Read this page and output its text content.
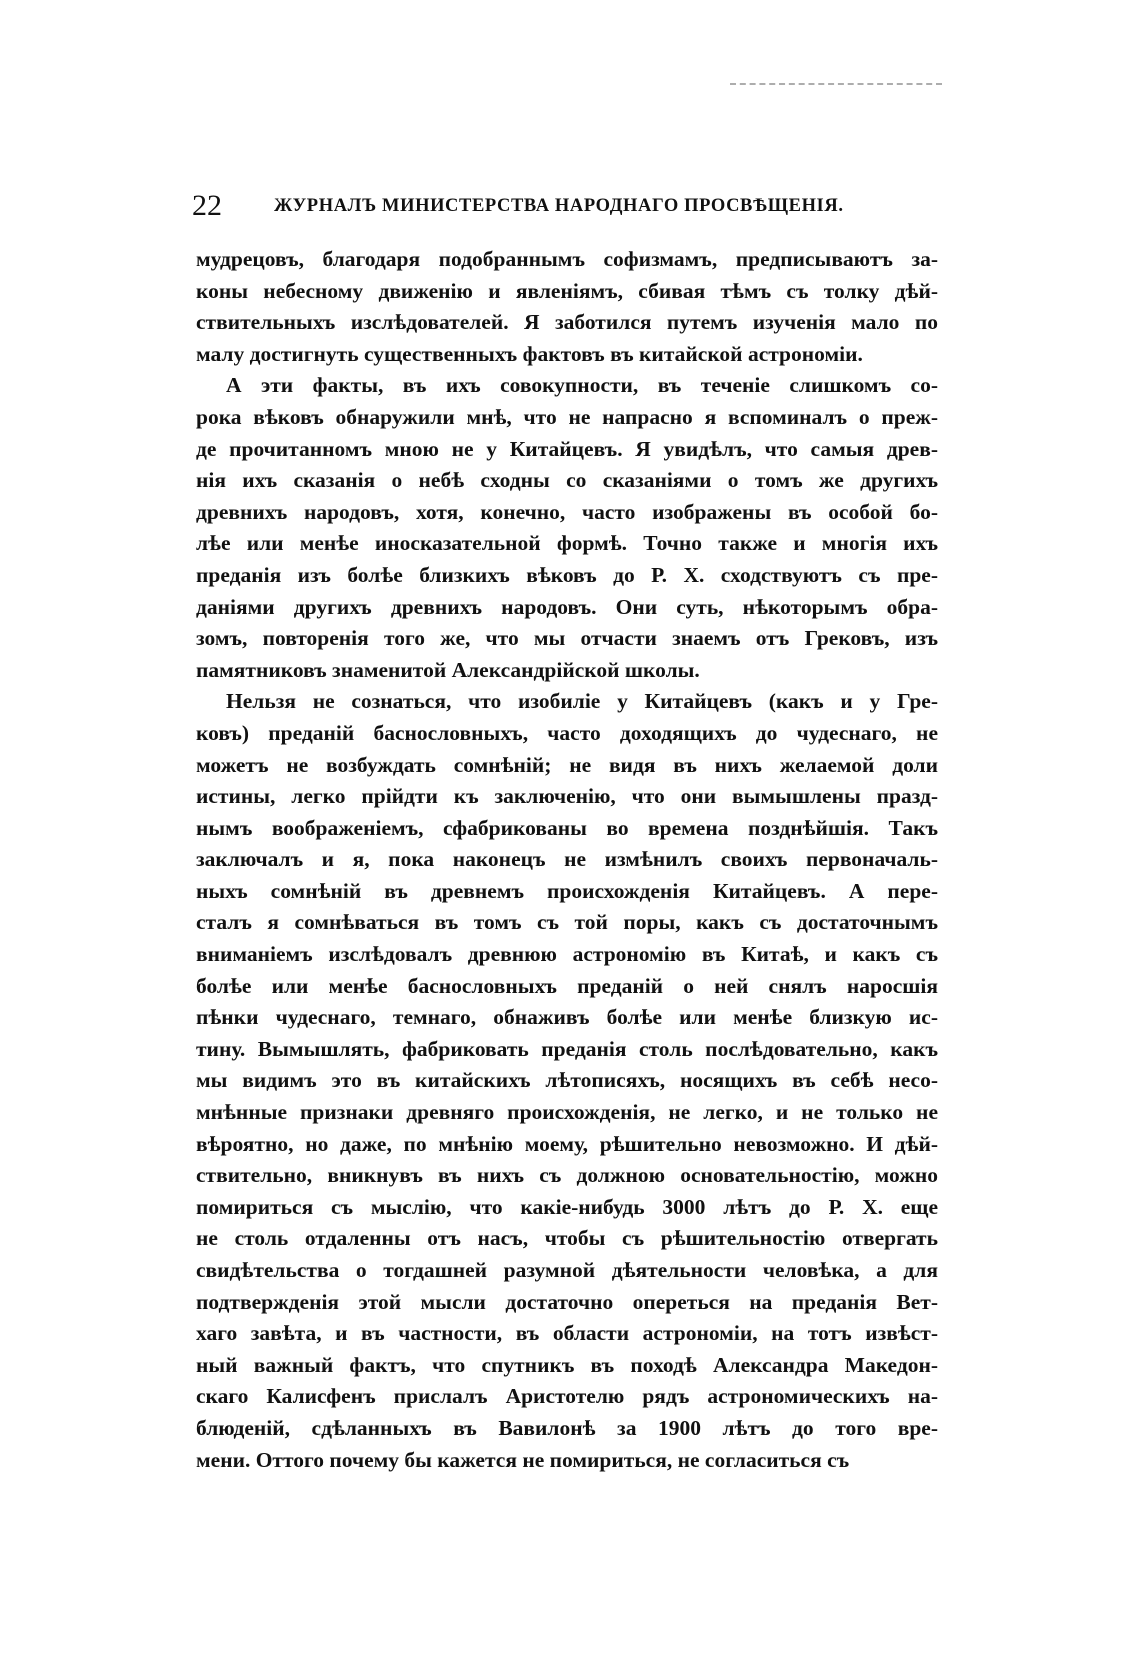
22	ЖУРНАЛЪ МИНИСТЕРСТВА НАРОДНАГО ПРОСВѢЩЕНІЯ.
мудрецовъ, благодаря подобраннымъ софизмамъ, предписываютъ за-
коны небесному движенію и явленіямъ, сбивая тѣмъ съ толку дѣй-
ствительныхъ изслѣдователей. Я заботился путемъ изученія мало по
малу достигнуть существенныхъ фактовъ въ китайской астрономіи.
А эти факты, въ ихъ совокупности, въ теченіе слишкомъ со-
рока вѣковъ обнаружили мнѣ, что не напрасно я вспоминалъ о преж-
де прочитанномъ мною не у Китайцевъ. Я увидѣлъ, что самыя древ-
нія ихъ сказанія о небѣ сходны со сказаніями о томъ же другихъ
древнихъ народовъ, хотя, конечно, часто изображены въ особой бо-
лѣе или менѣе иносказательной формѣ. Точно также и многія ихъ
преданія изъ болѣе близкихъ вѣковъ до Р. Х. сходствуютъ съ пре-
даніями другихъ древнихъ народовъ. Они суть, нѣкоторымъ обра-
зомъ, повторенія того же, что мы отчасти знаемъ отъ Грековъ, изъ
памятниковъ знаменитой Александрійской школы.
Нельзя не сознаться, что изобиліе у Китайцевъ (какъ и у Гре-
ковъ) преданій баснословныхъ, часто доходящихъ до чудеснаго, не
можетъ не возбуждать сомнѣній; не видя въ нихъ желаемой доли
истины, легко прійдти къ заключенію, что они вымышлены празд-
нымъ воображеніемъ, сфабрикованы во времена позднѣйшія. Такъ
заключалъ и я, пока наконецъ не измѣнилъ своихъ первоначаль-
ныхъ сомнѣній въ древнемъ происхожденія Китайцевъ. А пере-
сталъ я сомнѣваться въ томъ съ той поры, какъ съ достаточнымъ
вниманіемъ изслѣдовалъ древнюю астрономію въ Китаѣ, и какъ съ
болѣе или менѣе баснословныхъ преданій о ней снялъ наросшія
пѣнки чудеснаго, темнаго, обнаживъ болѣе или менѣе близкую ис-
тину. Вымышлять, фабриковать преданія столь послѣдовательно, какъ
мы видимъ это въ китайскихъ лѣтописяхъ, носящихъ въ себѣ несо-
мнѣнные признаки древняго происхожденія, не легко, и не только не
вѣроятно, но даже, по мнѣнію моему, рѣшительно невозможно. И дѣй-
ствительно, вникнувъ въ нихъ съ должною основательностію, можно
помириться съ мыслію, что какіе-нибудь 3000 лѣтъ до Р. Х. еще
не столь отдаленны отъ насъ, чтобы съ рѣшительностію отвергать
свидѣтельства о тогдашней разумной дѣятельности человѣка, а для
подтвержденія этой мысли достаточно опереться на преданія Вет-
хаго завѣта, и въ частности, въ области астрономіи, на тотъ извѣст-
ный важный фактъ, что спутникъ въ походѣ Александра Македон-
скаго Калисфенъ прислалъ Аристотелю рядъ астрономическихъ на-
блюденій, сдѣланныхъ въ Вавилонѣ за 1900 лѣтъ до того вре-
мени. Оттого почему бы кажется не помириться, не согласиться съ
